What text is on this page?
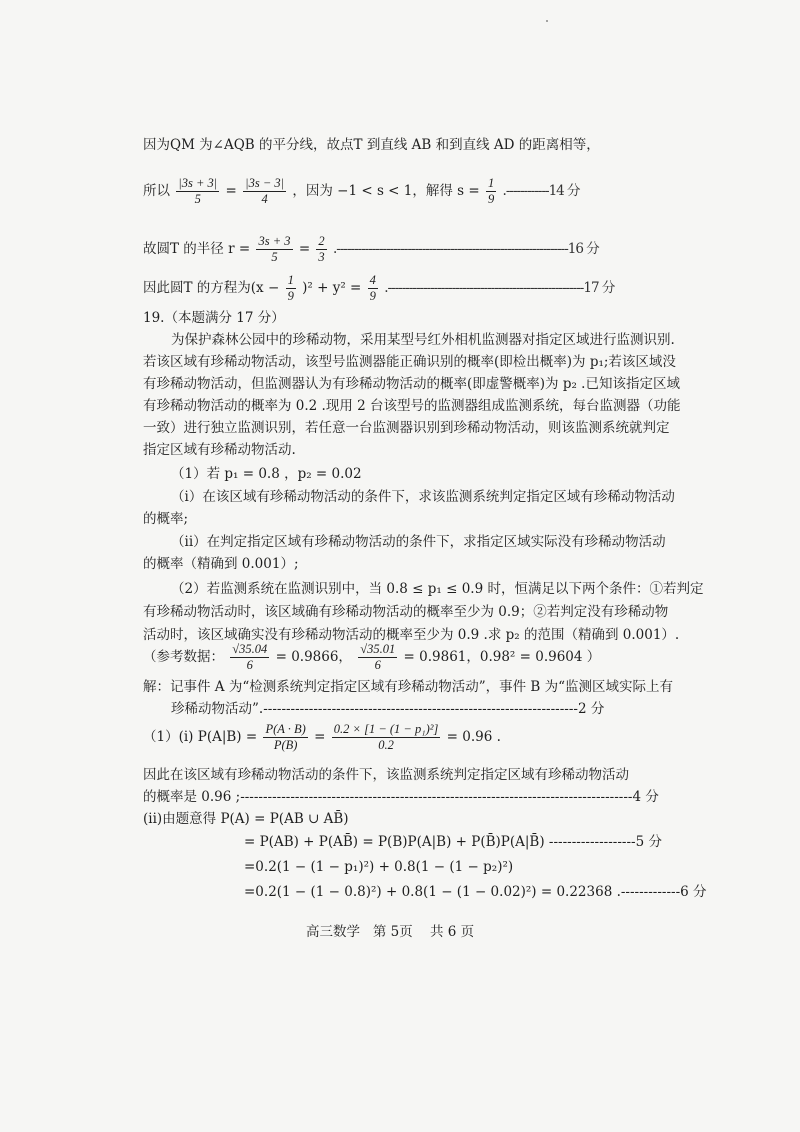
因为QM 为∠AQB 的平分线，故点T 到直线 AB 和到直线 AD 的距离相等，
所以 $\frac{|3s + 3|}{5} = \frac{|3s - 3|}{4}$ ，因为 −1 < s < 1，解得 $s = \frac{1}{9} .------------14$ 分
故圆T 的半径 $r = \frac{3s + 3}{5} = \frac{2}{3} .-----------------------------------------------------------------16$ 分
因此圆T 的方程为$(x - \frac{1}{9} )^2 + y^2 = \frac{4}{9} .-------------------------------------------------------17$ 分
19.（本题满分 17 分）
为保护森林公园中的珍稀动物，采用某型号红外相机监测器对指定区域进行监测识别.
若该区域有珍稀动物活动，该型号监测器能正确识别的概率(即检出概率)为 p₁;若该区域没
有珍稀动物活动，但监测器认为有珍稀动物活动的概率(即虚警概率)为 p₂ .已知该指定区域
有珍稀动物活动的概率为 0.2 .现用 2 台该型号的监测器组成监测系统，每台监测器（功能
一致）进行独立监测识别，若任意一台监测器识别到珍稀动物活动，则该监测系统就判定
指定区域有珍稀动物活动.
（1）若 p₁ = 0.8 ，p₂ = 0.02
（i）在该区域有珍稀动物活动的条件下，求该监测系统判定指定区域有珍稀动物活动
的概率;
（ii）在判定指定区域有珍稀动物活动的条件下，求指定区域实际没有珍稀动物活动
的概率（精确到 0.001）;
（2）若监测系统在监测识别中，当 0.8 ≤ p₁ ≤ 0.9 时，恒满足以下两个条件：①若判定
有珍稀动物活动时，该区域确有珍稀动物活动的概率至少为 0.9；②若判定没有珍稀动物
活动时，该区域确实没有珍稀动物活动的概率至少为 0.9 .求 p₂ 的范围（精确到 0.001）.
（参考数据： $\frac{√35.04}{6} = 0.9866$， $\frac{√35.01}{6} = 0.9861$，0.98² = 0.9604 ）
解：记事件 A 为“检测系统判定指定区域有珍稀动物活动”，事件 B 为“监测区域实际上有
珍稀动物活动”.---------------------------------------------------------------------2 分
（1）(i) $P(A|B) = \frac{P(A \cdot B)}{P(B)} = \frac{\text{0.2 × [1 − (1 − p₁)²]}}{0.2} = 0.96$ .
因此在该区域有珍稀动物活动的条件下，该监测系统判定指定区域有珍稀动物活动
的概率是 0.96 ;--------------------------------------------------------------------------------------4 分
(ii)由题意得 P(A) = P(AB ∪ AB̄)
= P(AB) + P(AB̄) = P(B)P(A|B) + P(B̄)P(A|B̄) -------------------5 分
=0.2(1 − (1 − p₁)²) + 0.8(1 − (1 − p₂)²)
=0.2(1 − (1 − 0.8)²) + 0.8(1 − (1 − 0.02)²) = 0.22368 .-------------6 分
高三数学 第 5页 共 6 页
